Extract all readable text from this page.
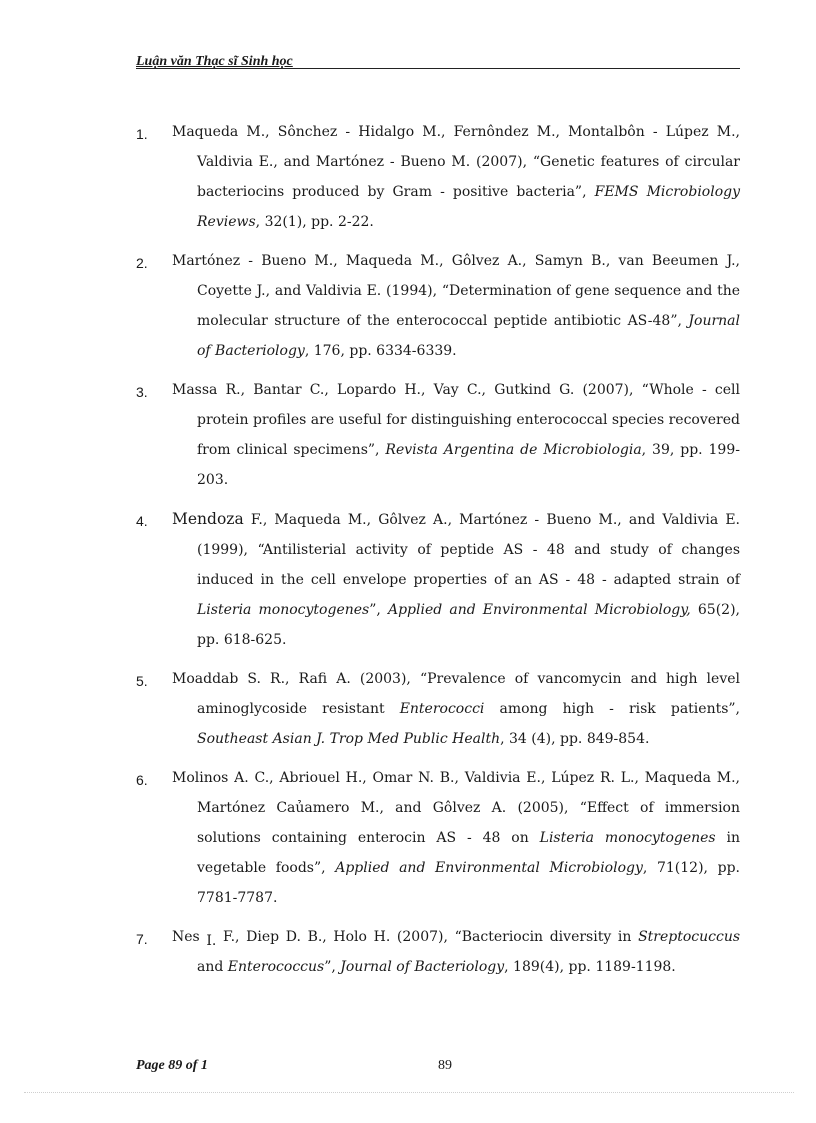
Luận văn Thạc sĩ Sinh học
1. Maqueda M., Sônchez - Hidalgo M., Fernôndez M., Montalbôn - Lúpez M., Valdivia E., and Martónez - Bueno M. (2007), “Genetic features of circular bacteriocins produced by Gram - positive bacteria”, FEMS Microbiology Reviews, 32(1), pp. 2-22.
2. Martónez - Bueno M., Maqueda M., Gôlvez A., Samyn B., van Beeumen J., Coyette J., and Valdivia E. (1994), “Determination of gene sequence and the molecular structure of the enterococcal peptide antibiotic AS-48”, Journal of Bacteriology, 176, pp. 6334-6339.
3. Massa R., Bantar C., Lopardo H., Vay C., Gutkind G. (2007), “Whole - cell protein profiles are useful for distinguishing enterococcal species recovered from clinical specimens”, Revista Argentina de Microbiologia, 39, pp. 199-203.
4. Mendoza F., Maqueda M., Gôlvez A., Martónez - Bueno M., and Valdivia E. (1999), “Antilisterial activity of peptide AS - 48 and study of changes induced in the cell envelope properties of an AS - 48 - adapted strain of Listeria monocytogenes”, Applied and Environmental Microbiology, 65(2), pp. 618-625.
5. Moaddab S. R., Rafi A. (2003), “Prevalence of vancomycin and high level aminoglycoside resistant Enterococci among high - risk patients”, Southeast Asian J. Trop Med Public Health, 34 (4), pp. 849-854.
6. Molinos A. C., Abriouel H., Omar N. B., Valdivia E., Lúpez R. L., Maqueda M., Martónez Caủamero M., and Gôlvez A. (2005), “Effect of immersion solutions containing enterocin AS - 48 on Listeria monocytogenes in vegetable foods”, Applied and Environmental Microbiology, 71(12), pp. 7781-7787.
7. Nes I. F., Diep D. B., Holo H. (2007), “Bacteriocin diversity in Streptocuccus and Enterococcus”, Journal of Bacteriology, 189(4), pp. 1189-1198.
Page 89 of 1	89
